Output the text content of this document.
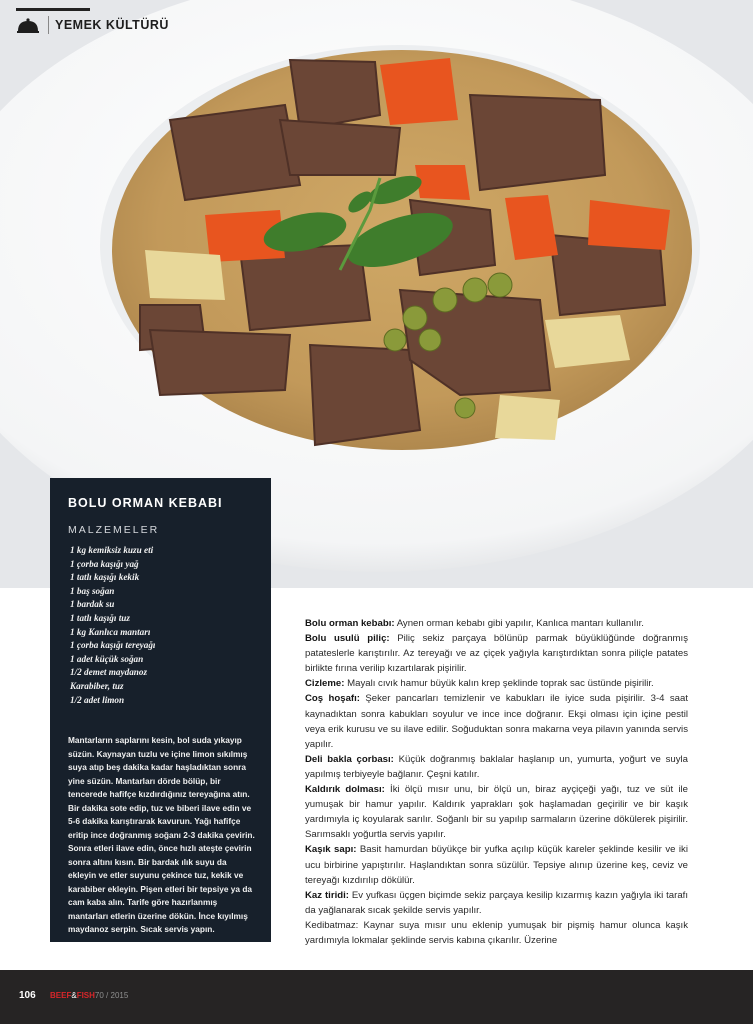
YEMEK KÜLTÜRÜ
BOLU ORMAN KEBABI
MALZEMELER
1 kg kemiksiz kuzu eti
1 çorba kaşığı yağ
1 tatlı kaşığı kekik
1 baş soğan
1 bardak su
1 tatlı kaşığı tuz
1 kg Kanlıca mantarı
1 çorba kaşığı tereyağı
1 adet küçük soğan
1/2 demet maydanoz
Karabiber, tuz
1/2 adet limon
Mantarların saplarını kesin, bol suda yıkayıp süzün. Kaynayan tuzlu ve içine limon sıkılmış suya atıp beş dakika kadar haşladıktan sonra yine süzün. Mantarları dörde bölüp, bir tencerede hafifçe kızdırdığınız tereyağına atın. Bir dakika sote edip, tuz ve biberi ilave edin ve 5-6 dakika karıştırarak kavurun. Yağı hafifçe eritip ince doğranmış soğanı 2-3 dakika çevirin. Sonra etleri ilave edin, önce hızlı ateşte çevirin sonra altını kısın. Bir bardak ılık suyu da ekleyin ve etler suyunu çekince tuz, kekik ve karabiber ekleyin. Pişen etleri bir tepsiye ya da cam kaba alın. Tarife göre hazırlanmış mantarları etlerin üzerine dökün. İnce kıyılmış maydanoz serpin. Sıcak servis yapın.

Bolu orman kebabı: Aynen orman kebabı gibi yapılır, Kanlıca mantarı kullanılır.

Bolu usulü piliç: Piliç sekiz parçaya bölünüp parmak büyüklüğünde doğranmış patateslerle karıştırılır. Az tereyağı ve az çiçek yağıyla karıştırdıktan sonra piliçle patates birlikte fırına verilip kızartılarak pişirilir.

Cizleme: Mayalı cıvık hamur büyük kalın krep şeklinde toprak sac üstünde pişirilir.

Coş hoşafı: Şeker pancarları temizlenir ve kabukları ile iyice suda pişirilir. 3-4 saat kaynadıktan sonra kabukları soyulur ve ince ince doğranır. Ekşi olması için içine pestil veya erik kurusu ve su ilave edilir. Soğuduktan sonra makarna veya pilavın yanında servis yapılır.

Deli bakla çorbası: Küçük doğranmış baklalar haşlanıp un, yumurta, yoğurt ve suyla yapılmış terbiyeyle bağlanır. Çeşni katılır.

Kaldırık dolması: İki ölçü mısır unu, bir ölçü un, biraz ayçiçeği yağı, tuz ve süt ile yumuşak bir hamur yapılır. Kaldırık yaprakları şok haşlamadan geçirilir ve bir kaşık yardımıyla iç koyularak sarılır. Soğanlı bir su yapılıp sarmaların üzerine dökülerek pişirilir. Sarımsaklı yoğurtla servis yapılır.

Kaşık sapı: Basit hamurdan büyükçe bir yufka açılıp küçük kareler şeklinde kesilir ve iki ucu birbirine yapıştırılır. Haşlandıktan sonra süzülür. Tepsiye alınıp üzerine keş, ceviz ve tereyağı kızdırılıp dökülür.

Kaz tiridi: Ev yufkası üçgen biçimde sekiz parçaya kesilip kızarmış kazın yağıyla iki tarafı da yağlanarak sıcak şekilde servis yapılır.

Kedibatmaz: Kaynar suya mısır unu eklenip yumuşak bir pişmiş hamur olunca kaşık yardımıyla lokmalar şeklinde servis kabına çıkarılır. Üzerine

106 BEEF&FISH70 / 2015
